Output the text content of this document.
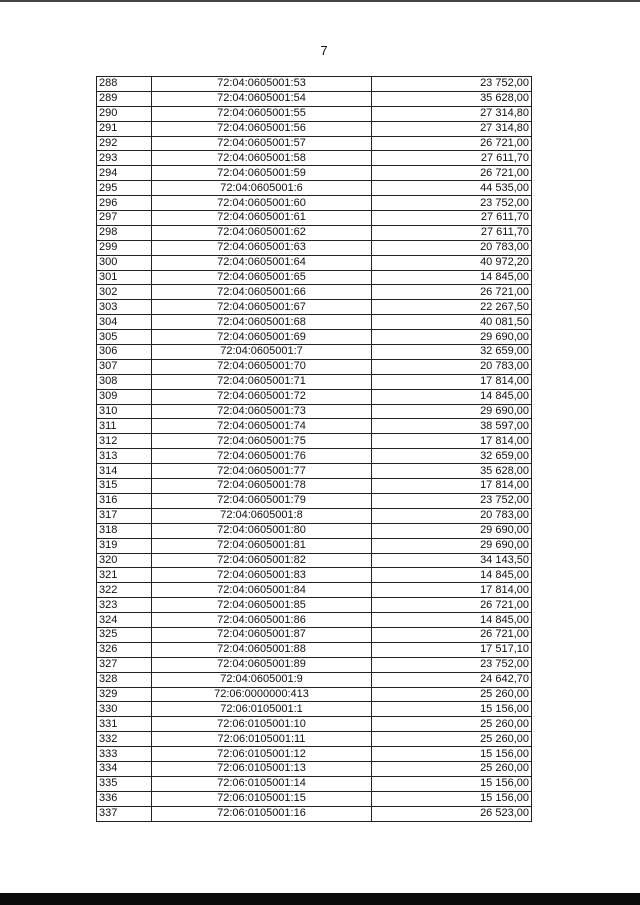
7
288	72:04:0605001:53	23 752,00
289	72:04:0605001:54	35 628,00
290	72:04:0605001:55	27 314,80
291	72:04:0605001:56	27 314,80
292	72:04:0605001:57	26 721,00
293	72:04:0605001:58	27 611,70
294	72:04:0605001:59	26 721,00
295	72:04:0605001:6	44 535,00
296	72:04:0605001:60	23 752,00
297	72:04:0605001:61	27 611,70
298	72:04:0605001:62	27 611,70
299	72:04:0605001:63	20 783,00
300	72:04:0605001:64	40 972,20
301	72:04:0605001:65	14 845,00
302	72:04:0605001:66	26 721,00
303	72:04:0605001:67	22 267,50
304	72:04:0605001:68	40 081,50
305	72:04:0605001:69	29 690,00
306	72:04:0605001:7	32 659,00
307	72:04:0605001:70	20 783,00
308	72:04:0605001:71	17 814,00
309	72:04:0605001:72	14 845,00
310	72:04:0605001:73	29 690,00
311	72:04:0605001:74	38 597,00
312	72:04:0605001:75	17 814,00
313	72:04:0605001:76	32 659,00
314	72:04:0605001:77	35 628,00
315	72:04:0605001:78	17 814,00
316	72:04:0605001:79	23 752,00
317	72:04:0605001:8	20 783,00
318	72:04:0605001:80	29 690,00
319	72:04:0605001:81	29 690,00
320	72:04:0605001:82	34 143,50
321	72:04:0605001:83	14 845,00
322	72:04:0605001:84	17 814,00
323	72:04:0605001:85	26 721,00
324	72:04:0605001:86	14 845,00
325	72:04:0605001:87	26 721,00
326	72:04:0605001:88	17 517,10
327	72:04:0605001:89	23 752,00
328	72:04:0605001:9	24 642,70
329	72:06:0000000:413	25 260,00
330	72:06:0105001:1	15 156,00
331	72:06:0105001:10	25 260,00
332	72:06:0105001:11	25 260,00
333	72:06:0105001:12	15 156,00
334	72:06:0105001:13	25 260,00
335	72:06:0105001:14	15 156,00
336	72:06:0105001:15	15 156,00
337	72:06:0105001:16	26 523,00
